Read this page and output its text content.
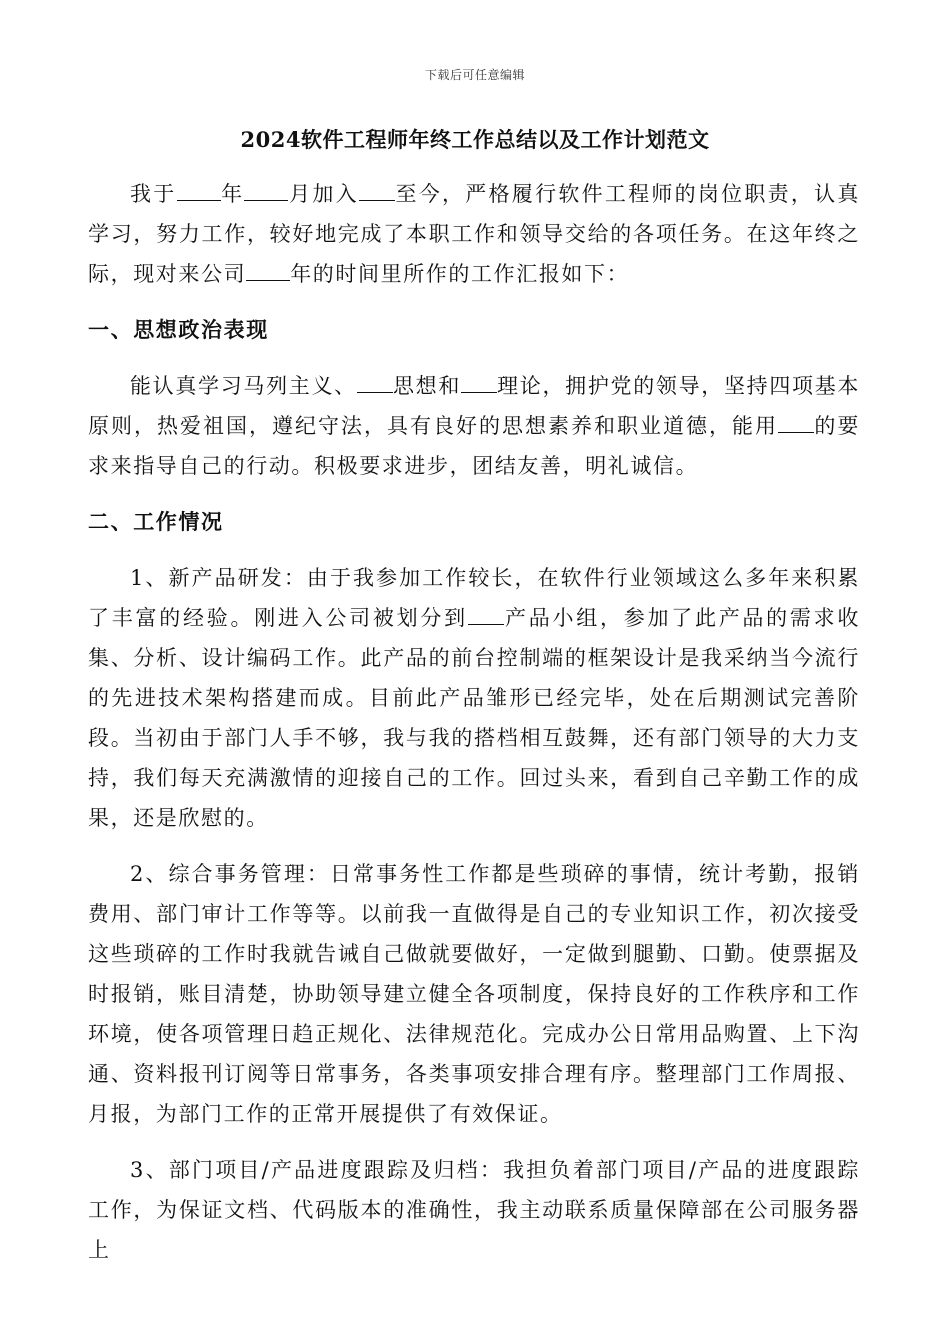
下载后可任意编辑
2024软件工程师年终工作总结以及工作计划范文

我于 年 月加入 至今，严格履行软件工程师的岗位职责，认真学习，努力工作，较好地完成了本职工作和领导交给的各项任务。在这年终之际，现对来公司 年的时间里所作的工作汇报如下：

一、思想政治表现

能认真学习马列主义、 思想和 理论，拥护党的领导，坚持四项基本原则，热爱祖国，遵纪守法，具有良好的思想素养和职业道德，能用 的要求来指导自己的行动。积极要求进步，团结友善，明礼诚信。

二、工作情况

1、新产品研发：由于我参加工作较长，在软件行业领域这么多年来积累了丰富的经验。刚进入公司被划分到 产品小组，参加了此产品的需求收集、分析、设计编码工作。此产品的前台控制端的框架设计是我采纳当今流行的先进技术架构搭建而成。目前此产品雏形已经完毕，处在后期测试完善阶段。当初由于部门人手不够，我与我的搭档相互鼓舞，还有部门领导的大力支持，我们每天充满激情的迎接自己的工作。回过头来，看到自己辛勤工作的成果，还是欣慰的。

2、综合事务管理：日常事务性工作都是些琐碎的事情，统计考勤，报销费用、部门审计工作等等。以前我一直做得是自己的专业知识工作，初次接受这些琐碎的工作时我就告诫自己做就要做好，一定做到腿勤、口勤。使票据及时报销，账目清楚，协助领导建立健全各项制度，保持良好的工作秩序和工作环境，使各项管理日趋正规化、法律规范化。完成办公日常用品购置、上下沟通、资料报刊订阅等日常事务，各类事项安排合理有序。整理部门工作周报、月报，为部门工作的正常开展提供了有效保证。

3、部门项目/产品进度跟踪及归档：我担负着部门项目/产品的进度跟踪工作，为保证文档、代码版本的准确性，我主动联系质量保障部在公司服务器上
